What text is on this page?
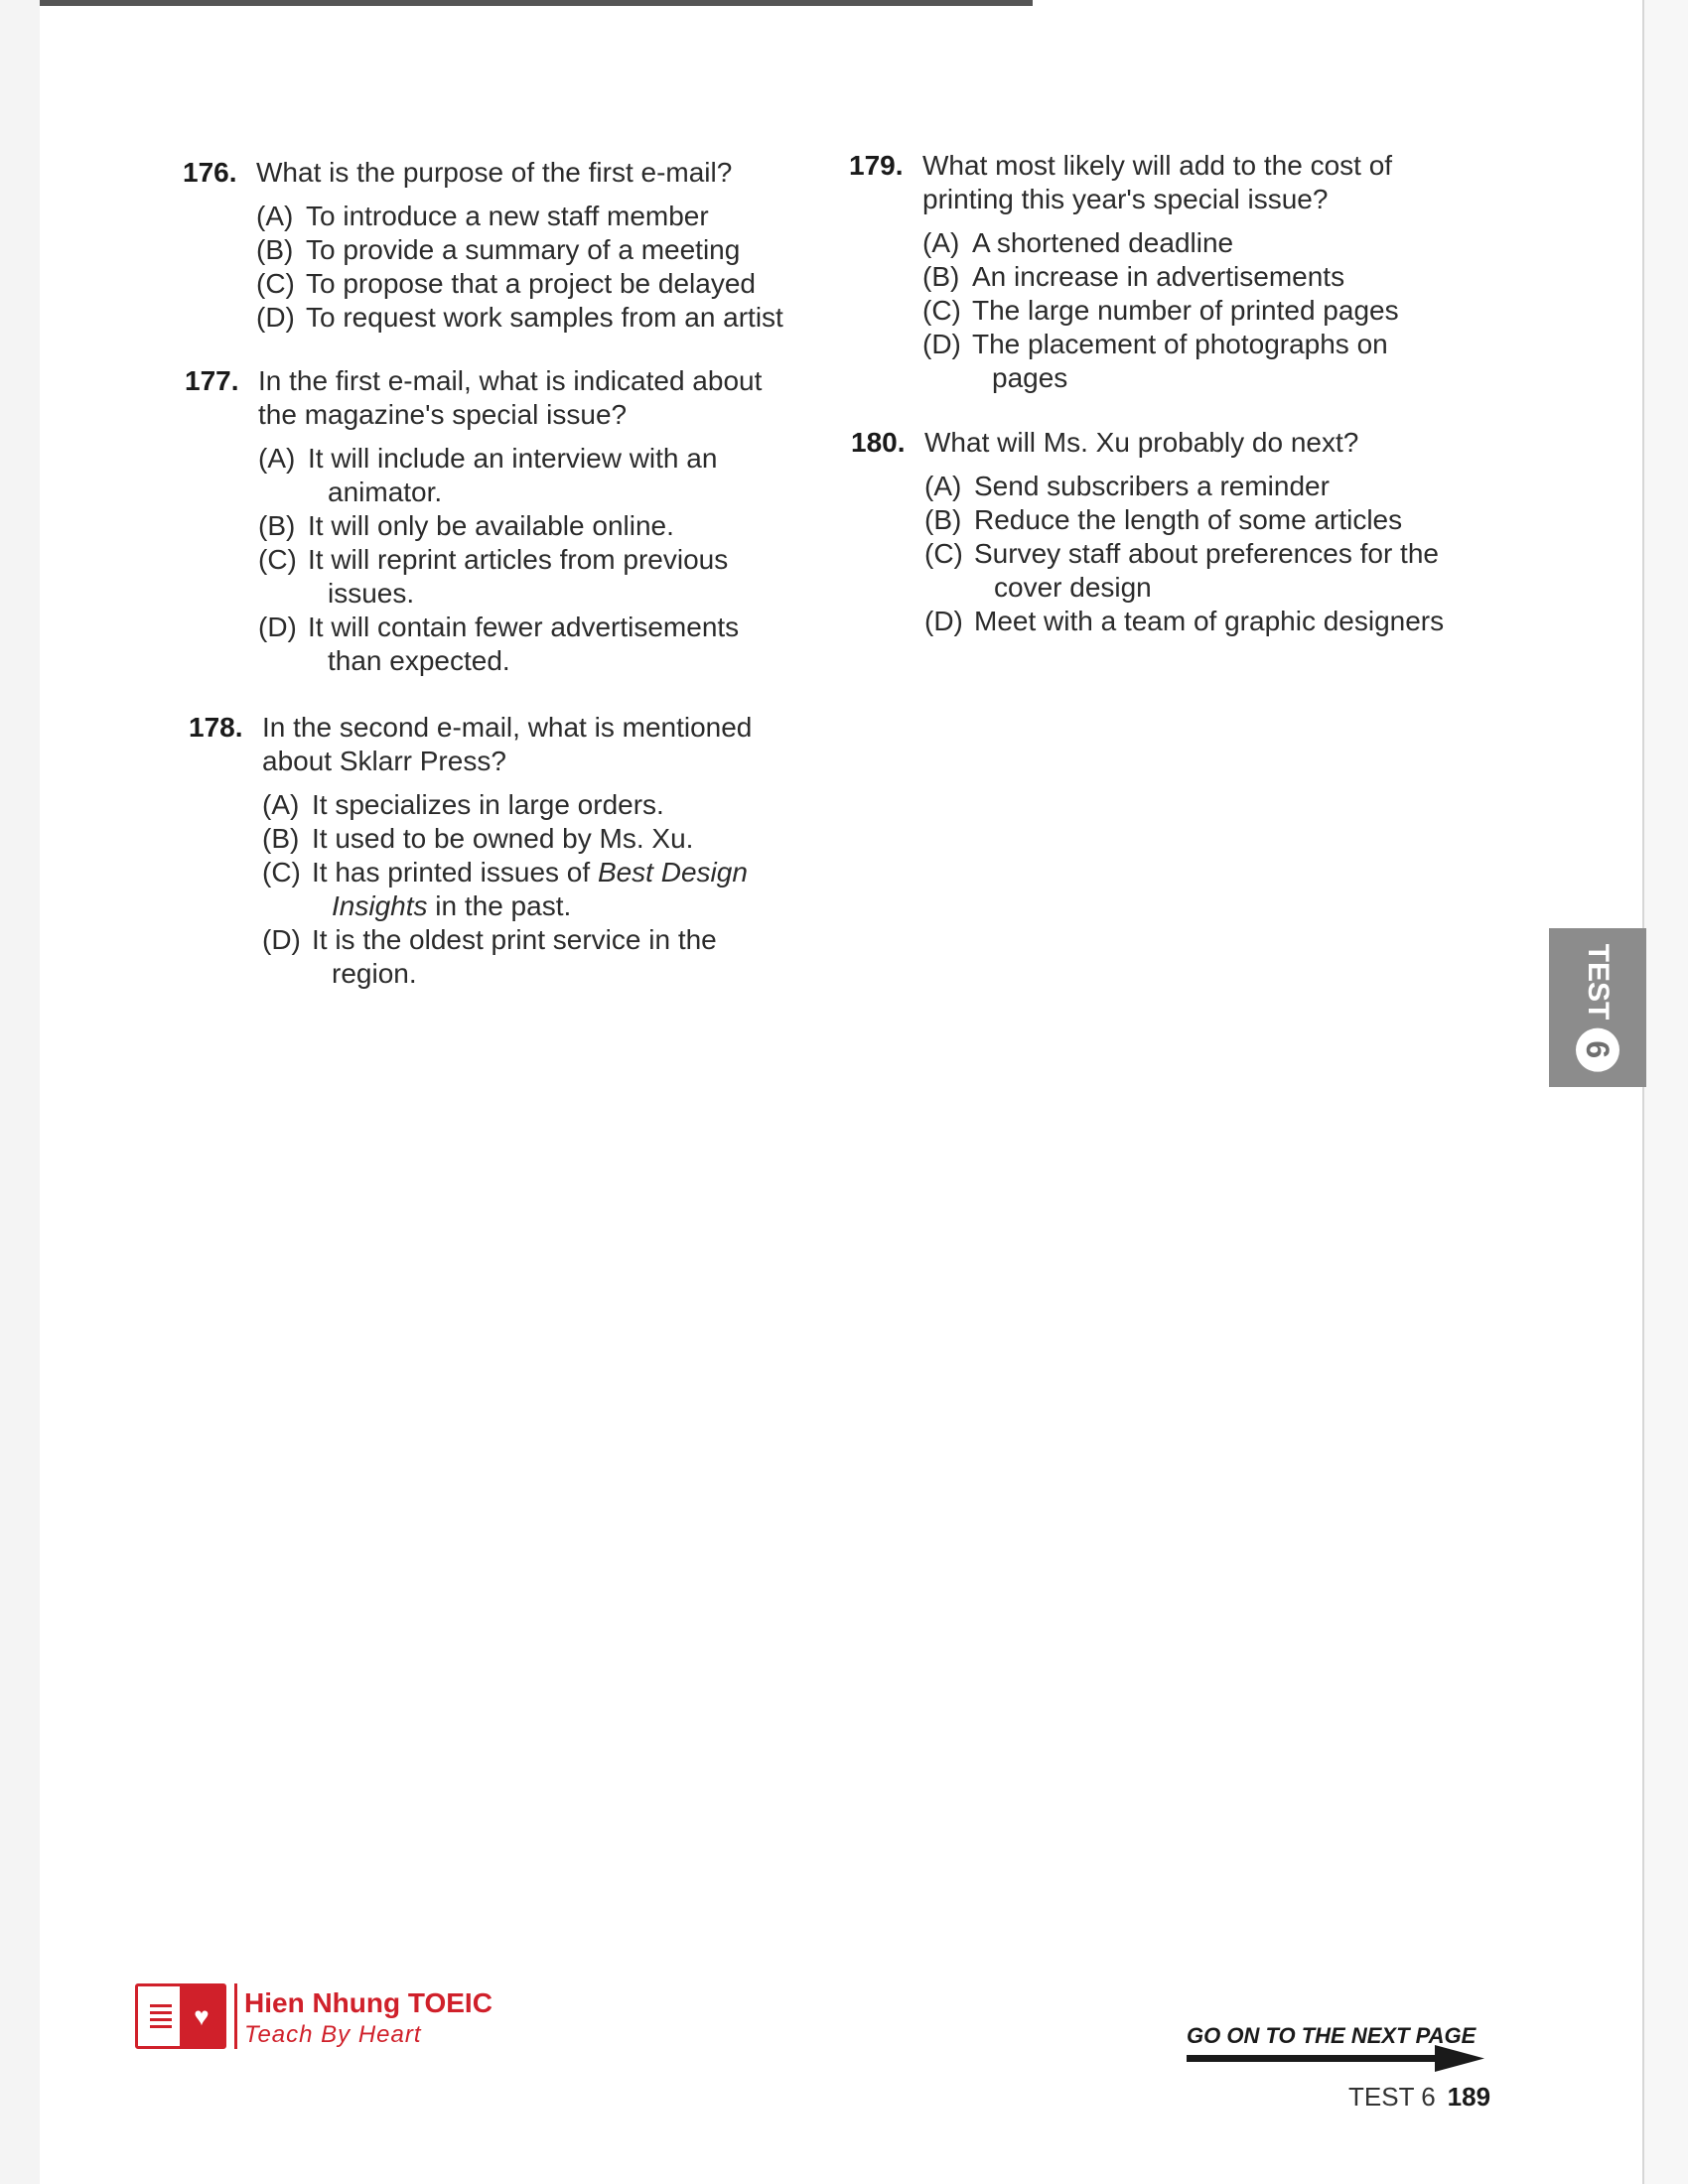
176. What is the purpose of the first e-mail?
(A) To introduce a new staff member
(B) To provide a summary of a meeting
(C) To propose that a project be delayed
(D) To request work samples from an artist
177. In the first e-mail, what is indicated about
the magazine's special issue?
(A) It will include an interview with an
animator.
(B) It will only be available online.
(C) It will reprint articles from previous
issues.
(D) It will contain fewer advertisements
than expected.
178. In the second e-mail, what is mentioned
about Sklarr Press?
(A) It specializes in large orders.
(B) It used to be owned by Ms. Xu.
(C) It has printed issues of Best Design
Insights in the past.
(D) It is the oldest print service in the
region.
179. What most likely will add to the cost of
printing this year's special issue?
(A) A shortened deadline
(B) An increase in advertisements
(C) The large number of printed pages
(D) The placement of photographs on
pages
180. What will Ms. Xu probably do next?
(A) Send subscribers a reminder
(B) Reduce the length of some articles
(C) Survey staff about preferences for the
cover design
(D) Meet with a team of graphic designers
TEST
6
♥	Hien Nhung TOEIC
Teach By Heart	GO ON TO THE NEXT PAGE
TEST 6 189
